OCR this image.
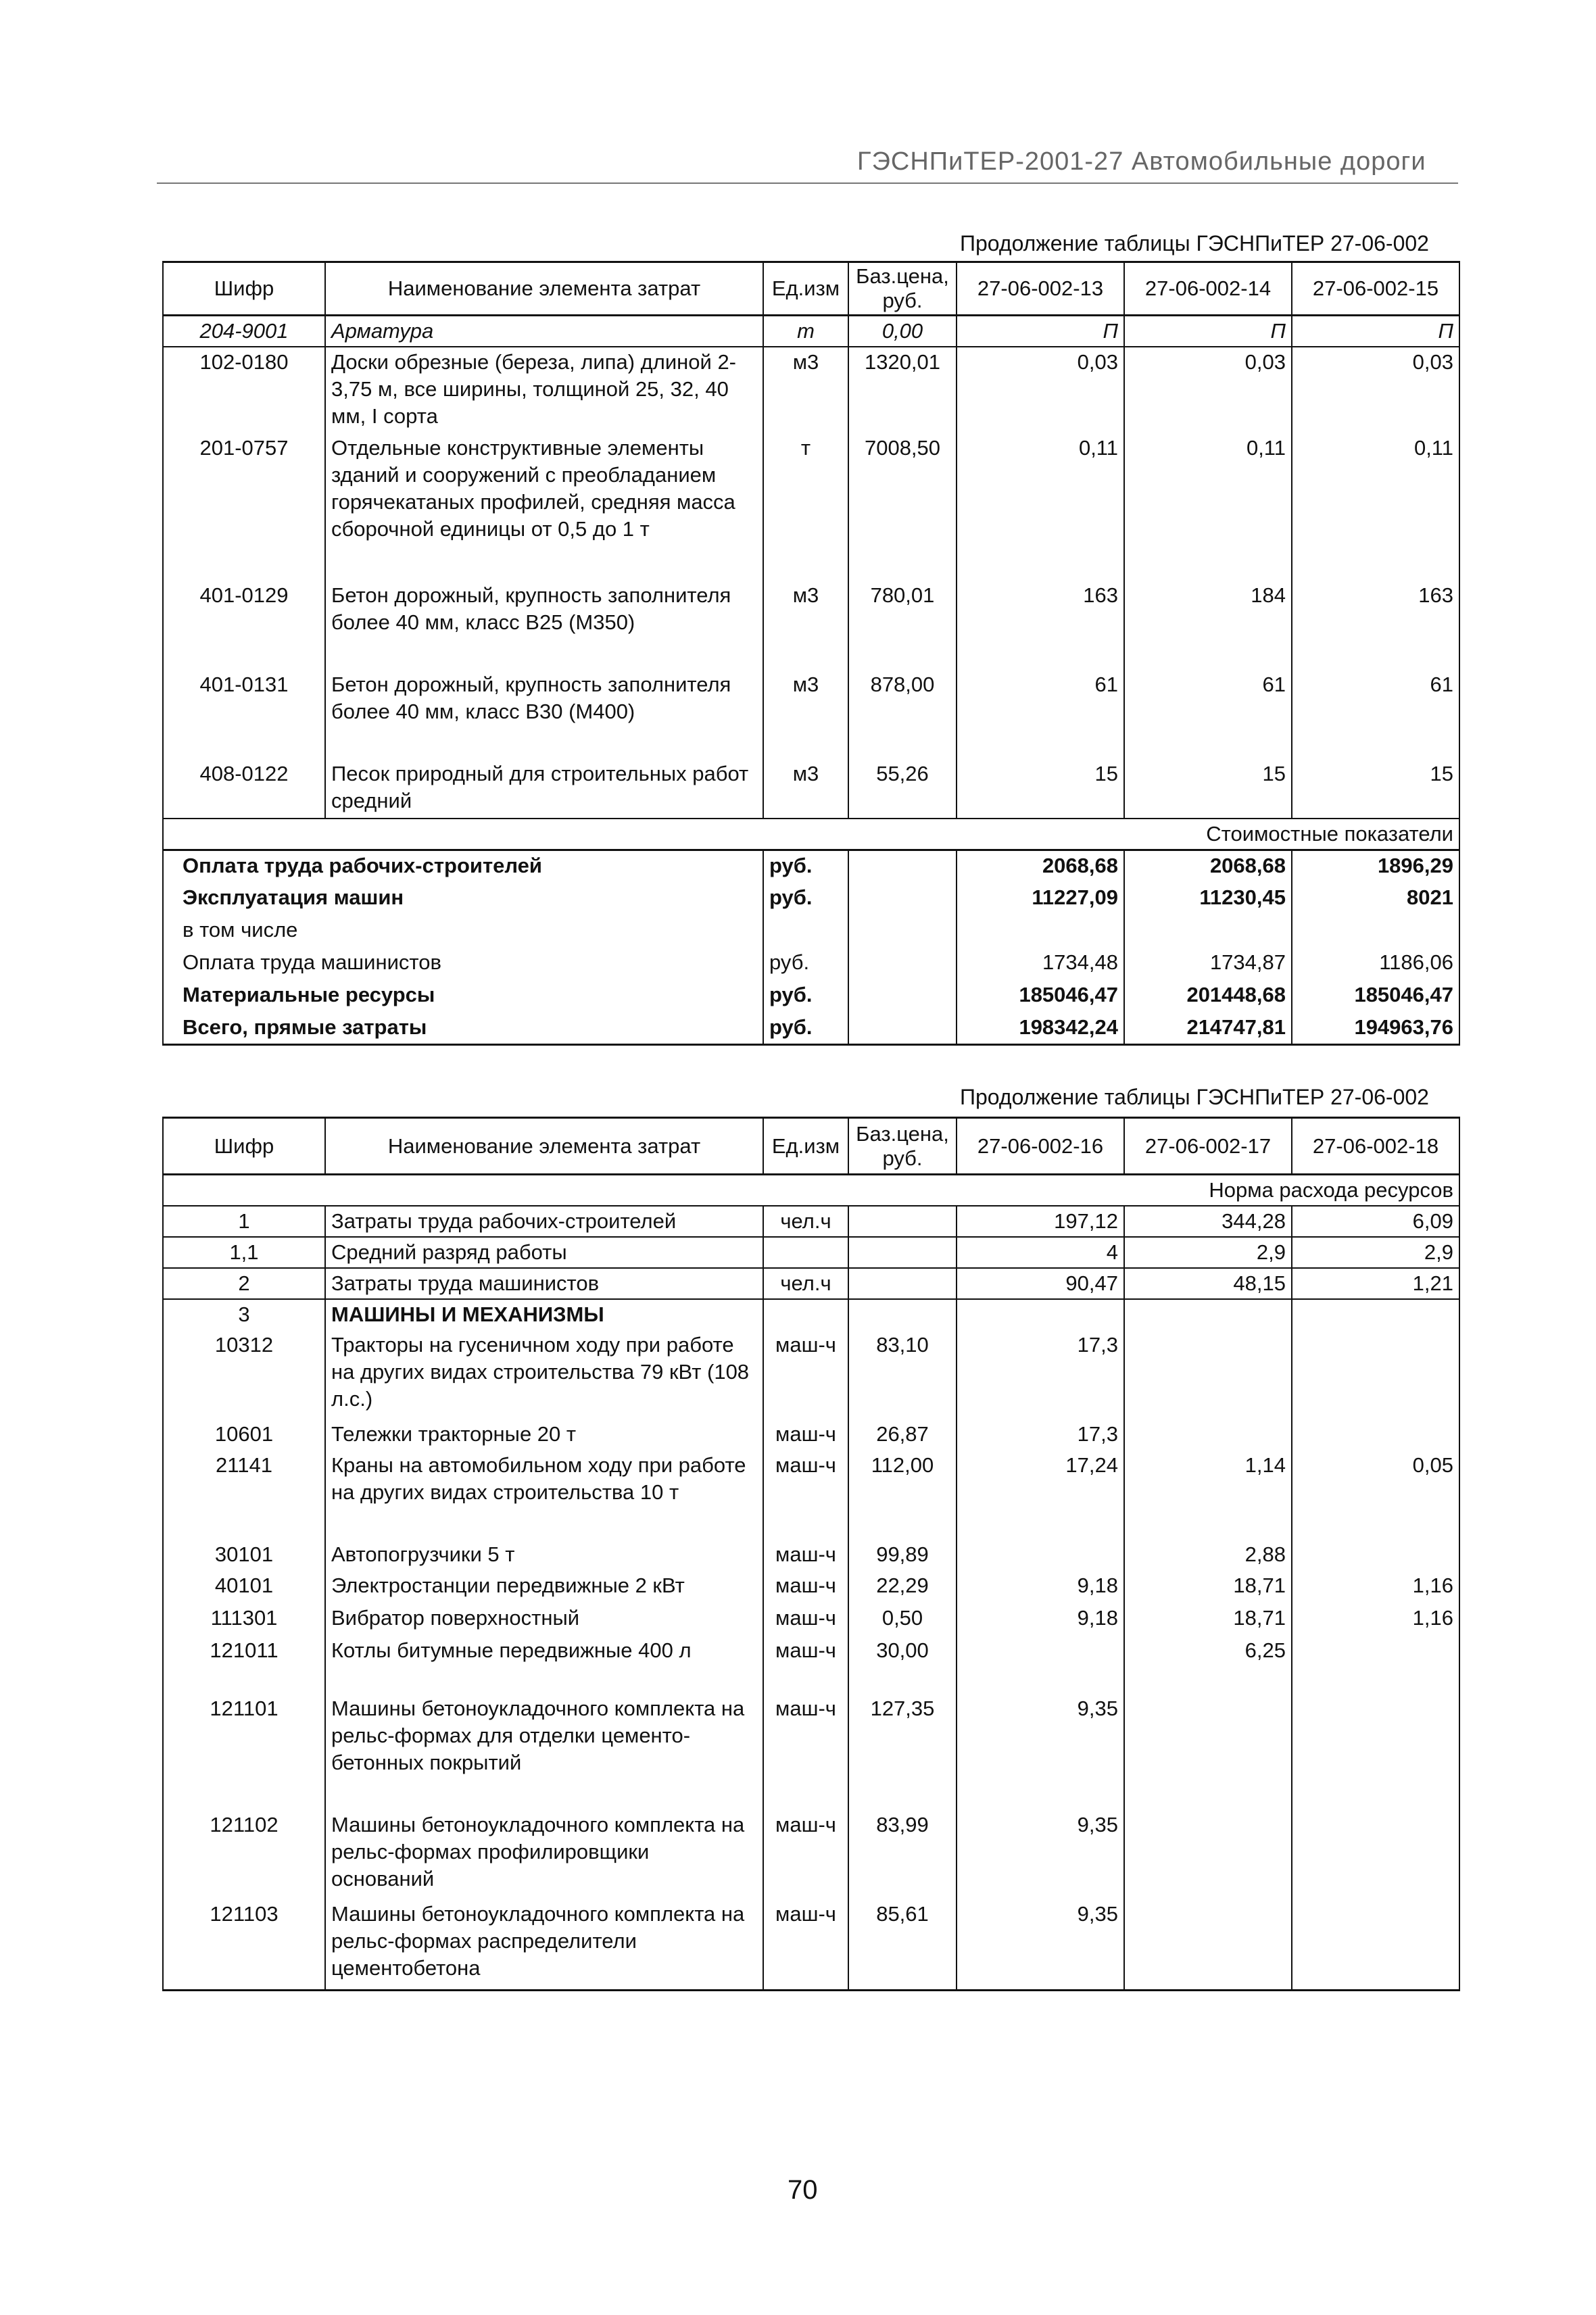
ГЭСНПиТЕР-2001-27 Автомобильные дороги
Продолжение таблицы ГЭСНПиТЕР 27-06-002
Шифр	Наименование элемента затрат	Ед.изм	Баз.цена, руб.	27-06-002-13	27-06-002-14	27-06-002-15
204-9001	Арматура	т	0,00	П	П	П
102-0180	Доски обрезные (береза, липа) длиной 2-3,75 м, все ширины, толщиной 25, 32, 40 мм, I сорта	м3	1320,01	0,03	0,03	0,03
201-0757	Отдельные конструктивные элементы зданий и сооружений с преобладанием горячекатаных профилей, средняя масса сборочной единицы от 0,5 до 1 т	т	7008,50	0,11	0,11	0,11
401-0129	Бетон дорожный, крупность заполнителя более 40 мм, класс В25 (М350)	м3	780,01	163	184	163
401-0131	Бетон дорожный, крупность заполнителя более 40 мм, класс В30 (М400)	м3	878,00	61	61	61
408-0122	Песок природный для строительных работ средний	м3	55,26	15	15	15
Стоимостные показатели						
Оплата труда рабочих-строителей		руб.		2068,68	2068,68	1896,29
Эксплуатация машин		руб.		11227,09	11230,45	8021
в том числе						
Оплата труда машинистов		руб.		1734,48	1734,87	1186,06
Материальные ресурсы		руб.		185046,47	201448,68	185046,47
Всего, прямые затраты		руб.		198342,24	214747,81	194963,76
Продолжение таблицы ГЭСНПиТЕР 27-06-002
Шифр	Наименование элемента затрат	Ед.изм	Баз.цена, руб.	27-06-002-16	27-06-002-17	27-06-002-18
Норма расхода ресурсов						
1	Затраты труда рабочих-строителей	чел.ч		197,12	344,28	6,09
1,1	Средний разряд работы			4	2,9	2,9
2	Затраты труда машинистов	чел.ч		90,47	48,15	1,21
3	МАШИНЫ И МЕХАНИЗМЫ					
10312	Тракторы на гусеничном ходу при работе на других видах строительства 79 кВт (108 л.с.)	маш-ч	83,10	17,3		
10601	Тележки тракторные 20 т	маш-ч	26,87	17,3		
21141	Краны на автомобильном ходу при работе на других видах строительства 10 т	маш-ч	112,00	17,24	1,14	0,05
30101	Автопогрузчики 5 т	маш-ч	99,89		2,88	
40101	Электростанции передвижные 2 кВт	маш-ч	22,29	9,18	18,71	1,16
111301	Вибратор поверхностный	маш-ч	0,50	9,18	18,71	1,16
121011	Котлы битумные передвижные 400 л	маш-ч	30,00		6,25	
121101	Машины бетоноукладочного комплекта на рельс-формах для отделки цементо-бетонных покрытий	маш-ч	127,35	9,35		
121102	Машины бетоноукладочного комплекта на рельс-формах профилировщики оснований	маш-ч	83,99	9,35		
121103	Машины бетоноукладочного комплекта на рельс-формах распределители цементобетона	маш-ч	85,61	9,35		
70
